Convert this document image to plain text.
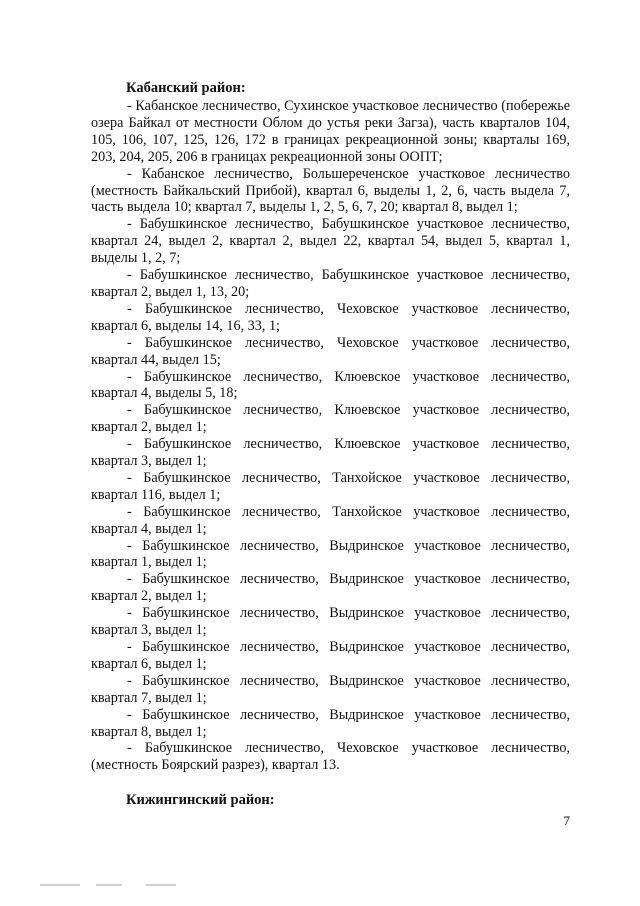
Кабанский район:
- Кабанское лесничество, Сухинское участковое лесничество (побережье
озера Байкал от местности Облом до устья реки Загза), часть кварталов 104,
105, 106, 107, 125, 126, 172 в границах рекреационной зоны; кварталы 169,
203, 204, 205, 206 в границах рекреационной зоны ООПТ;
- Кабанское лесничество, Большереченское участковое лесничество
(местность Байкальский Прибой), квартал 6, выделы 1, 2, 6, часть выдела 7,
часть выдела 10; квартал 7, выделы 1, 2, 5, 6, 7, 20; квартал 8, выдел 1;
- Бабушкинское лесничество, Бабушкинское участковое лесничество,
квартал 24, выдел 2, квартал 2, выдел 22, квартал 54, выдел 5, квартал 1,
выделы 1, 2, 7;
- Бабушкинское лесничество, Бабушкинское участковое лесничество,
квартал 2, выдел 1, 13, 20;
- Бабушкинское лесничество, Чеховское участковое лесничество,
квартал 6, выделы 14, 16, 33, 1;
- Бабушкинское лесничество, Чеховское участковое лесничество,
квартал 44, выдел 15;
- Бабушкинское лесничество, Клюевское участковое лесничество,
квартал 4, выделы 5, 18;
- Бабушкинское лесничество, Клюевское участковое лесничество,
квартал 2, выдел 1;
- Бабушкинское лесничество, Клюевское участковое лесничество,
квартал 3, выдел 1;
- Бабушкинское лесничество, Танхойское участковое лесничество,
квартал 116, выдел 1;
- Бабушкинское лесничество, Танхойское участковое лесничество,
квартал 4, выдел 1;
- Бабушкинское лесничество, Выдринское участковое лесничество,
квартал 1, выдел 1;
- Бабушкинское лесничество, Выдринское участковое лесничество,
квартал 2, выдел 1;
- Бабушкинское лесничество, Выдринское участковое лесничество,
квартал 3, выдел 1;
- Бабушкинское лесничество, Выдринское участковое лесничество,
квартал 6, выдел 1;
- Бабушкинское лесничество, Выдринское участковое лесничество,
квартал 7, выдел 1;
- Бабушкинское лесничество, Выдринское участковое лесничество,
квартал 8, выдел 1;
- Бабушкинское лесничество, Чеховское участковое лесничество,
(местность Боярский разрез), квартал 13.
Кижингинский район:
7
